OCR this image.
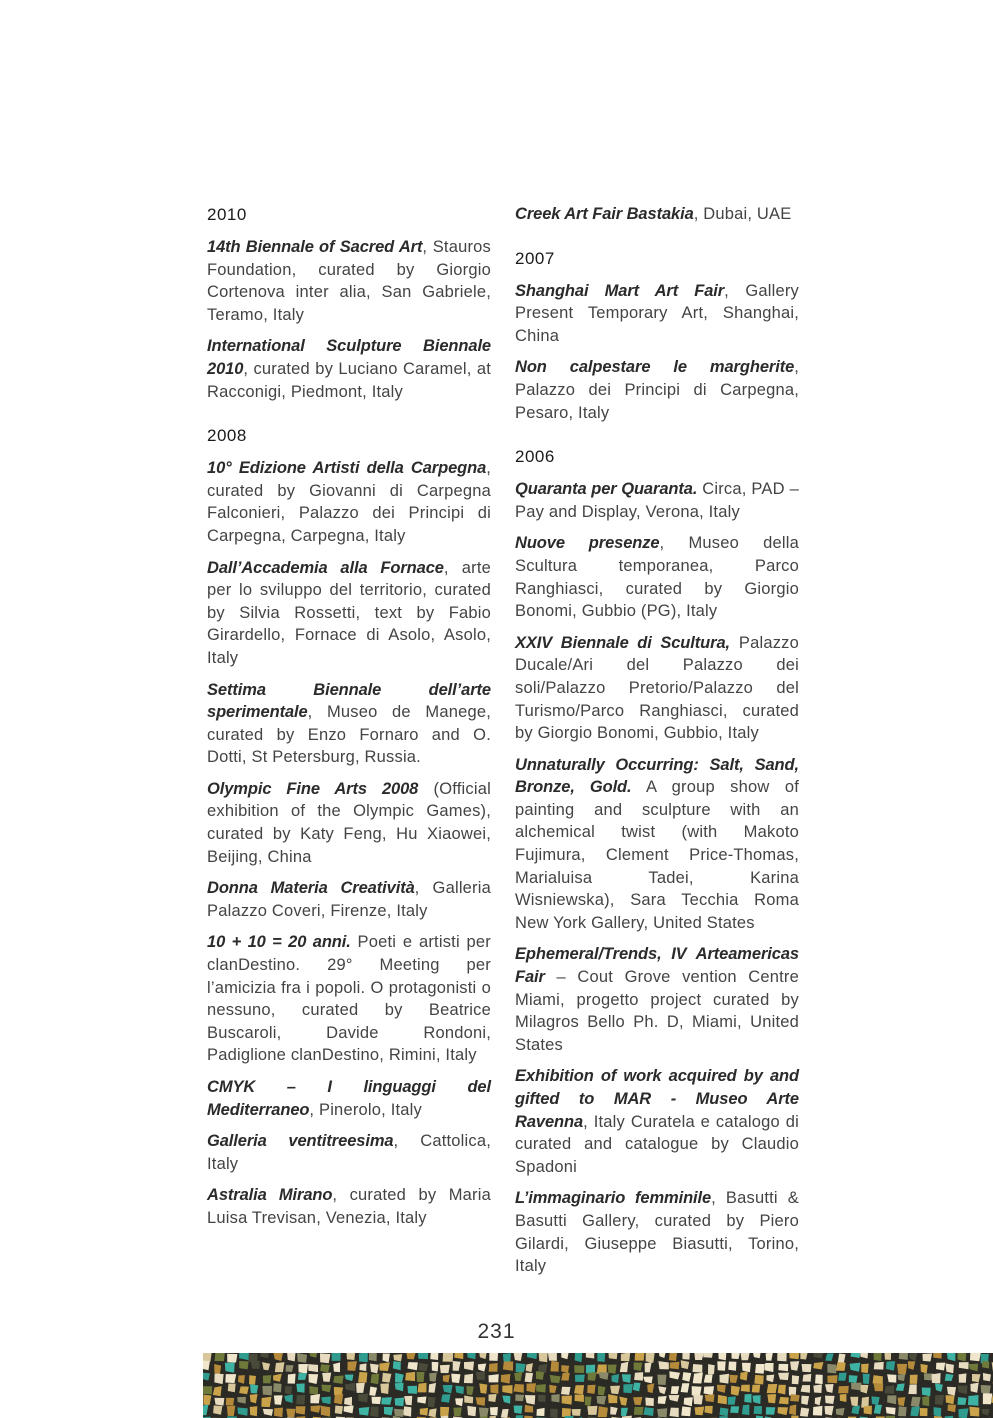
2010

14th Biennale of Sacred Art, Stauros Foundation, curated by Giorgio Cortenova inter alia, San Gabriele, Teramo, Italy

International Sculpture Biennale 2010, curated by Luciano Caramel, at Racconigi, Piedmont, Italy

2008

10° Edizione Artisti della Carpegna, curated by Giovanni di Carpegna Falconieri, Palazzo dei Principi di Carpegna, Carpegna, Italy

Dall’Accademia alla Fornace, arte per lo sviluppo del territorio, curated by Silvia Rossetti, text by Fabio Girardello, Fornace di Asolo, Asolo, Italy

Settima Biennale dell’arte sperimentale, Museo de Manege, curated by Enzo Fornaro and O. Dotti, St Petersburg, Russia.

Olympic Fine Arts 2008 (Official exhibition of the Olympic Games), curated by Katy Feng, Hu Xiaowei, Beijing, China

Donna Materia Creatività, Galleria Palazzo Coveri, Firenze, Italy

10 + 10 = 20 anni. Poeti e artisti per clanDestino. 29° Meeting per l’amicizia fra i popoli. O protagonisti o nessuno, curated by Beatrice Buscaroli, Davide Rondoni, Padiglione clanDestino, Rimini, Italy

CMYK – I linguaggi del Mediterraneo, Pinerolo, Italy

Galleria ventitreesima, Cattolica, Italy

Astralia Mirano, curated by Maria Luisa Trevisan, Venezia, Italy

Creek Art Fair Bastakia, Dubai, UAE

2007

Shanghai Mart Art Fair, Gallery Present Temporary Art, Shanghai, China

Non calpestare le margherite, Palazzo dei Principi di Carpegna, Pesaro, Italy

2006

Quaranta per Quaranta. Circa, PAD – Pay and Display, Verona, Italy

Nuove presenze, Museo della Scultura temporanea, Parco Ranghiasci, curated by Giorgio Bonomi, Gubbio (PG), Italy

XXIV Biennale di Scultura, Palazzo Ducale/Ari del Palazzo dei soli/Palazzo Pretorio/Palazzo del Turismo/Parco Ranghiasci, curated by Giorgio Bonomi, Gubbio, Italy

Unnaturally Occurring: Salt, Sand, Bronze, Gold. A group show of painting and sculpture with an alchemical twist (with Makoto Fujimura, Clement Price-Thomas, Marialuisa Tadei, Karina Wisniewska), Sara Tecchia Roma New York Gallery, United States

Ephemeral/Trends, IV Arteamericas Fair – Cout Grove vention Centre Miami, progetto project curated by Milagros Bello Ph. D, Miami, United States

Exhibition of work acquired by and gifted to MAR - Museo Arte Ravenna, Italy Curatela e catalogo di curated and catalogue by Claudio Spadoni

L’immaginario femminile, Basutti & Basutti Gallery, curated by Piero Gilardi, Giuseppe Biasutti, Torino, Italy

231
